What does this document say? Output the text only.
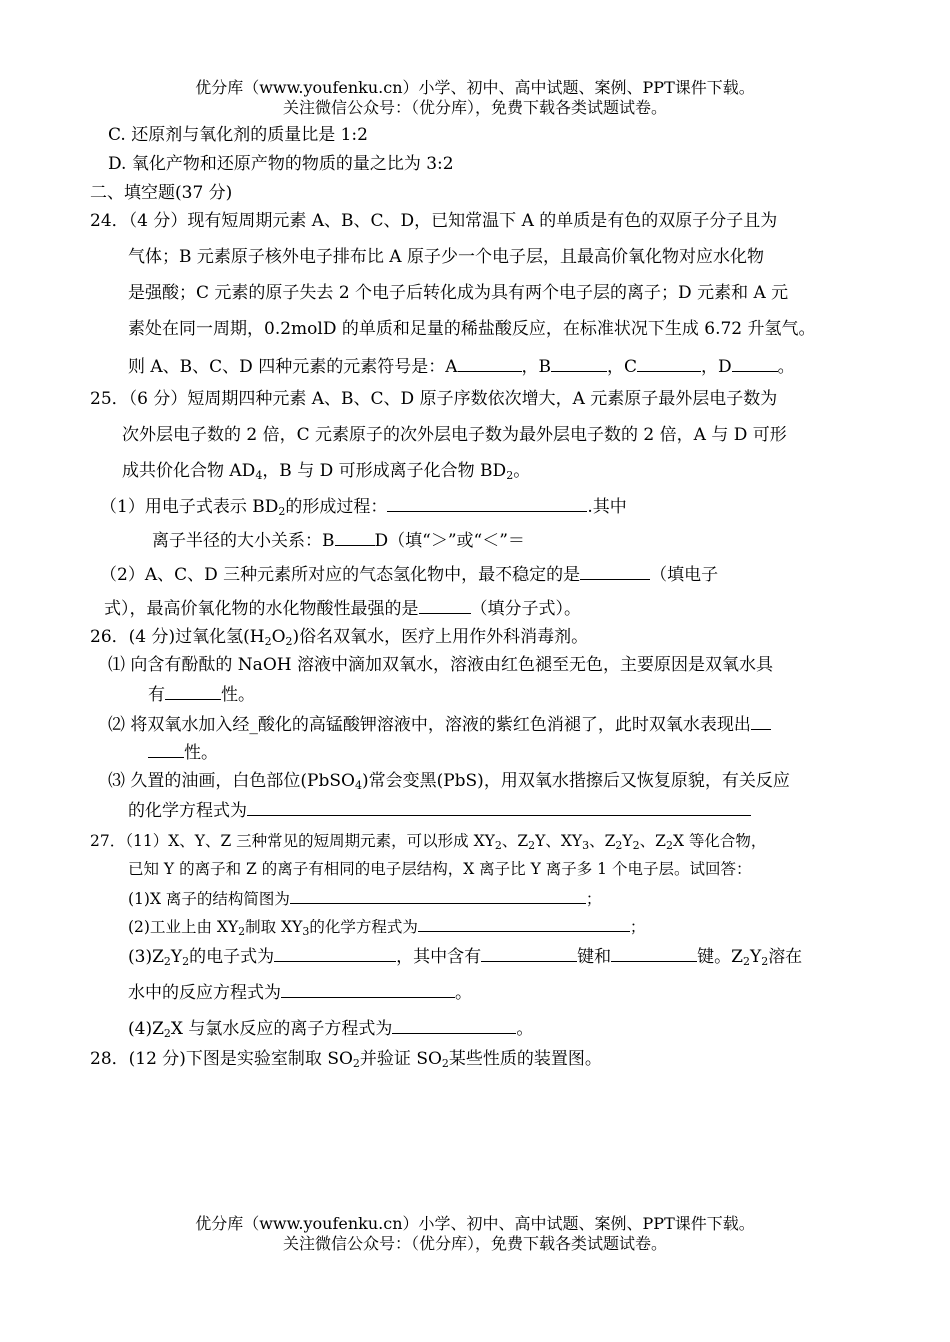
优分库（www.youfenku.cn）小学、初中、高中试题、案例、PPT课件下载。
关注微信公众号：（优分库），免费下载各类试题试卷。
C. 还原剂与氧化剂的质量比是 1:2
D. 氧化产物和还原产物的物质的量之比为 3:2
二、填空题(37 分)
24．（4 分）现有短周期元素 A、B、C、D，已知常温下 A 的单质是有色的双原子分子且为
气体；B 元素原子核外电子排布比 A 原子少一个电子层，且最高价氧化物对应水化物
是强酸；C 元素的原子失去 2 个电子后转化成为具有两个电子层的离子；D 元素和 A 元
素处在同一周期，0.2molD 的单质和足量的稀盐酸反应，在标准状况下生成 6.72 升氢气。
则 A、B、C、D 四种元素的元素符号是：A	，B	，C	，D	。
25．（6 分）短周期四种元素 A、B、C、D 原子序数依次增大，A 元素原子最外层电子数为
次外层电子数的 2 倍，C 元素原子的次外层电子数为最外层电子数的 2 倍，A 与 D 可形
成共价化合物 $AD_4$，B 与 D 可形成离子化合物 $BD_2$。
（1）用电子式表示 $BD_2$的形成过程：	.其中
离子半径的大小关系：B D（填“＞”或“＜”＝
（2）A、C、D 三种元素所对应的气态氢化物中，最不稳定的是	（填电子
式），最高价氧化物的水化物酸性最强的是	（填分子式）。
26．(4 分)过氧化氢$(H_2O_2)$俗名双氧水，医疗上用作外科消毒剂。
⑴ 向含有酚酞的 NaOH 溶液中滴加双氧水，溶液由红色褪至无色，主要原因是双氧水具
有	性。
⑵ 将双氧水加入经_酸化的高锰酸钾溶液中，溶液的紫红色消褪了，此时双氧水表现出
性。
⑶ 久置的油画，白色部位(PbSO$_4$)常会变黑(PbS)，用双氧水揩擦后又恢复原貌，有关反应
的化学方程式为
27．（11）X、Y、Z 三种常见的短周期元素，可以形成 $XY_2$、$Z_2Y$、$XY_3$、$Z_2Y_2$、$Z_2X$ 等化合物，
已知 Y 的离子和 Z 的离子有相同的电子层结构，X 离子比 Y 离子多 1 个电子层。试回答：
(1)X 离子的结构简图为	；
(2)工业上由 $XY_2$制取 $XY_3$的化学方程式为	；
$(3)Z_2Y_2$的电子式为	，其中含有	键和	键。$Z_2Y_2$溶在
水中的反应方程式为	。
$(4)Z_2X$ 与氯水反应的离子方程式为	。
28．(12 分)下图是实验室制取 $SO_2$并验证 $SO_2$某些性质的装置图。
优分库（www.youfenku.cn）小学、初中、高中试题、案例、PPT课件下载。
关注微信公众号：（优分库），免费下载各类试题试卷。
